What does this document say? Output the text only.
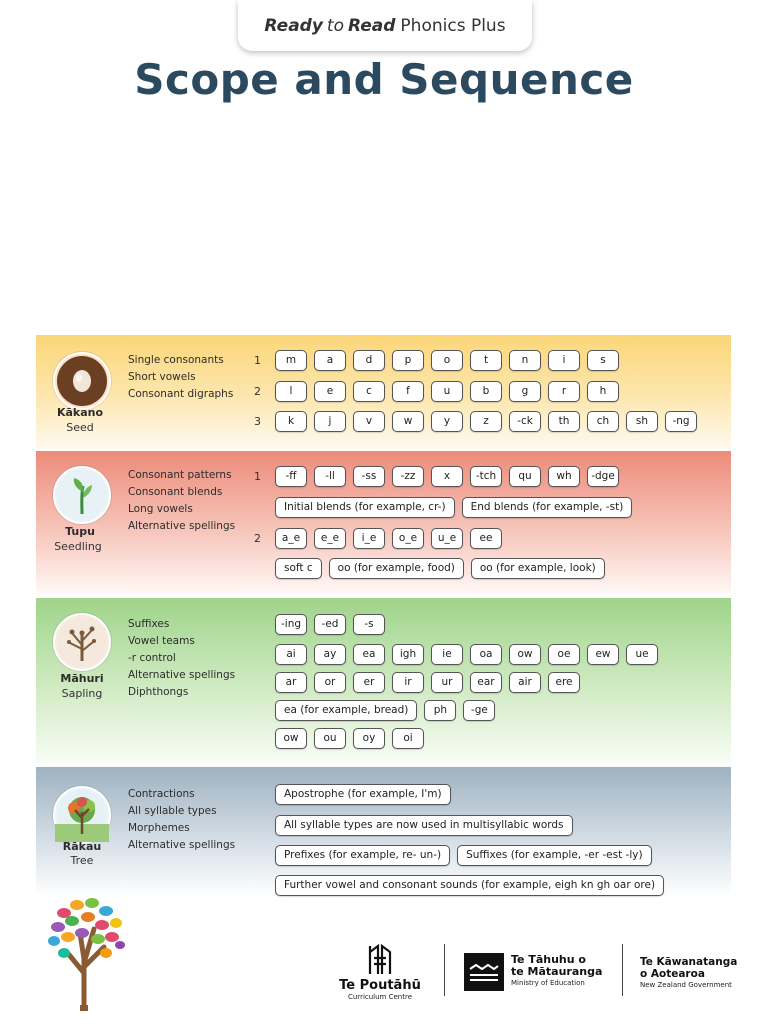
Ready to Read Phonics Plus
Scope and Sequence
Kākano
Seed
Single consonants
Short vowels
Consonant digraphs
1
2
3
m	a	d	p	o	t	n	i	s
l	e	c	f	u	b	g	r	h
k	j	v	w	y	z	-ck	th	ch	sh	-ng
Tupu
Seedling
Consonant patterns
Consonant blends
Long vowels
Alternative spellings
1
2
-ff	-ll	-ss	-zz	x	-tch	qu	wh	-dge
Initial blends (for example, cr-)	End blends (for example, -st)
a_e	e_e	i_e	o_e	u_e	ee
soft c	oo (for example, food)	oo (for example, look)
Māhuri
Sapling
Suffixes
Vowel teams
-r control
Alternative spellings
Diphthongs
-ing	-ed	-s
ai	ay	ea	igh	ie	oa	ow	oe	ew	ue
ar	or	er	ir	ur	ear	air	ere
ea (for example, bread)	ph	-ge
ow	ou	oy	oi
Rākau
Tree
Contractions
All syllable types
Morphemes
Alternative spellings
Apostrophe (for example, I'm)
All syllable types are now used in multisyllabic words
Prefixes (for example, re- un-)	Suffixes (for example, -er -est -ly)
Further vowel and consonant sounds (for example, eigh kn gh oar ore)
Te Poutāhū
Curriculum Centre
Te Tāhuhu o
te Mātauranga
Ministry of Education
Te Kāwanatanga
o Aotearoa
New Zealand Government
